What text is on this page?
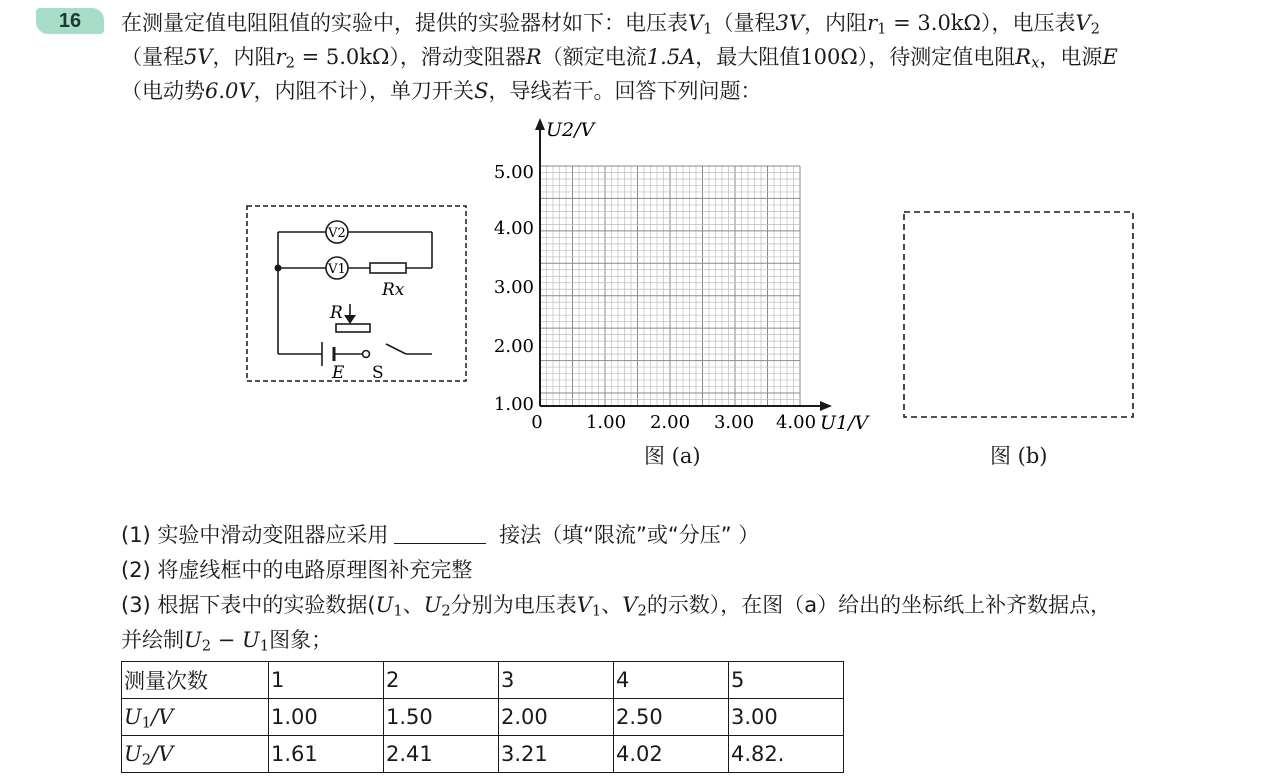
16	在测量定值电阻阻值的实验中，提供的实验器材如下：电压表$V_1$（量程3V，内阻$r_1 = 3.0k\Omega$），电压表$V_2$

（量程5V，内阻$r_2 = 5.0k\Omega$），滑动变阻器R（额定电流1.5A，最大阻值100Ω），待测定值电阻$R_x$，电源E

（电动势6.0V，内阻不计），单刀开关S，导线若干。回答下列问题：

V2
V1
Rx
R
E S
U2/V
U1/V
5.00
4.00
3.00
2.00
1.00
0 1.00 2.00 3.00 4.00
图 (a)	图 (b)

(1) 实验中滑动变阻器应采用	接法（填“限流”或“分压” ）

(2) 将虚线框中的电路原理图补充完整

(3) 根据下表中的实验数据($U_1$、$U_2$分别为电压表$V_1$、$V_2$的示数），在图（a）给出的坐标纸上补齐数据点，

并绘制$U_2 - U_1$图象；

测量次数	1	2	3	4	5
$U_1/V$	1.00	1.50	2.00	2.50	3.00
$U_2/V$	1.61	2.41	3.21	4.02	4.82.
